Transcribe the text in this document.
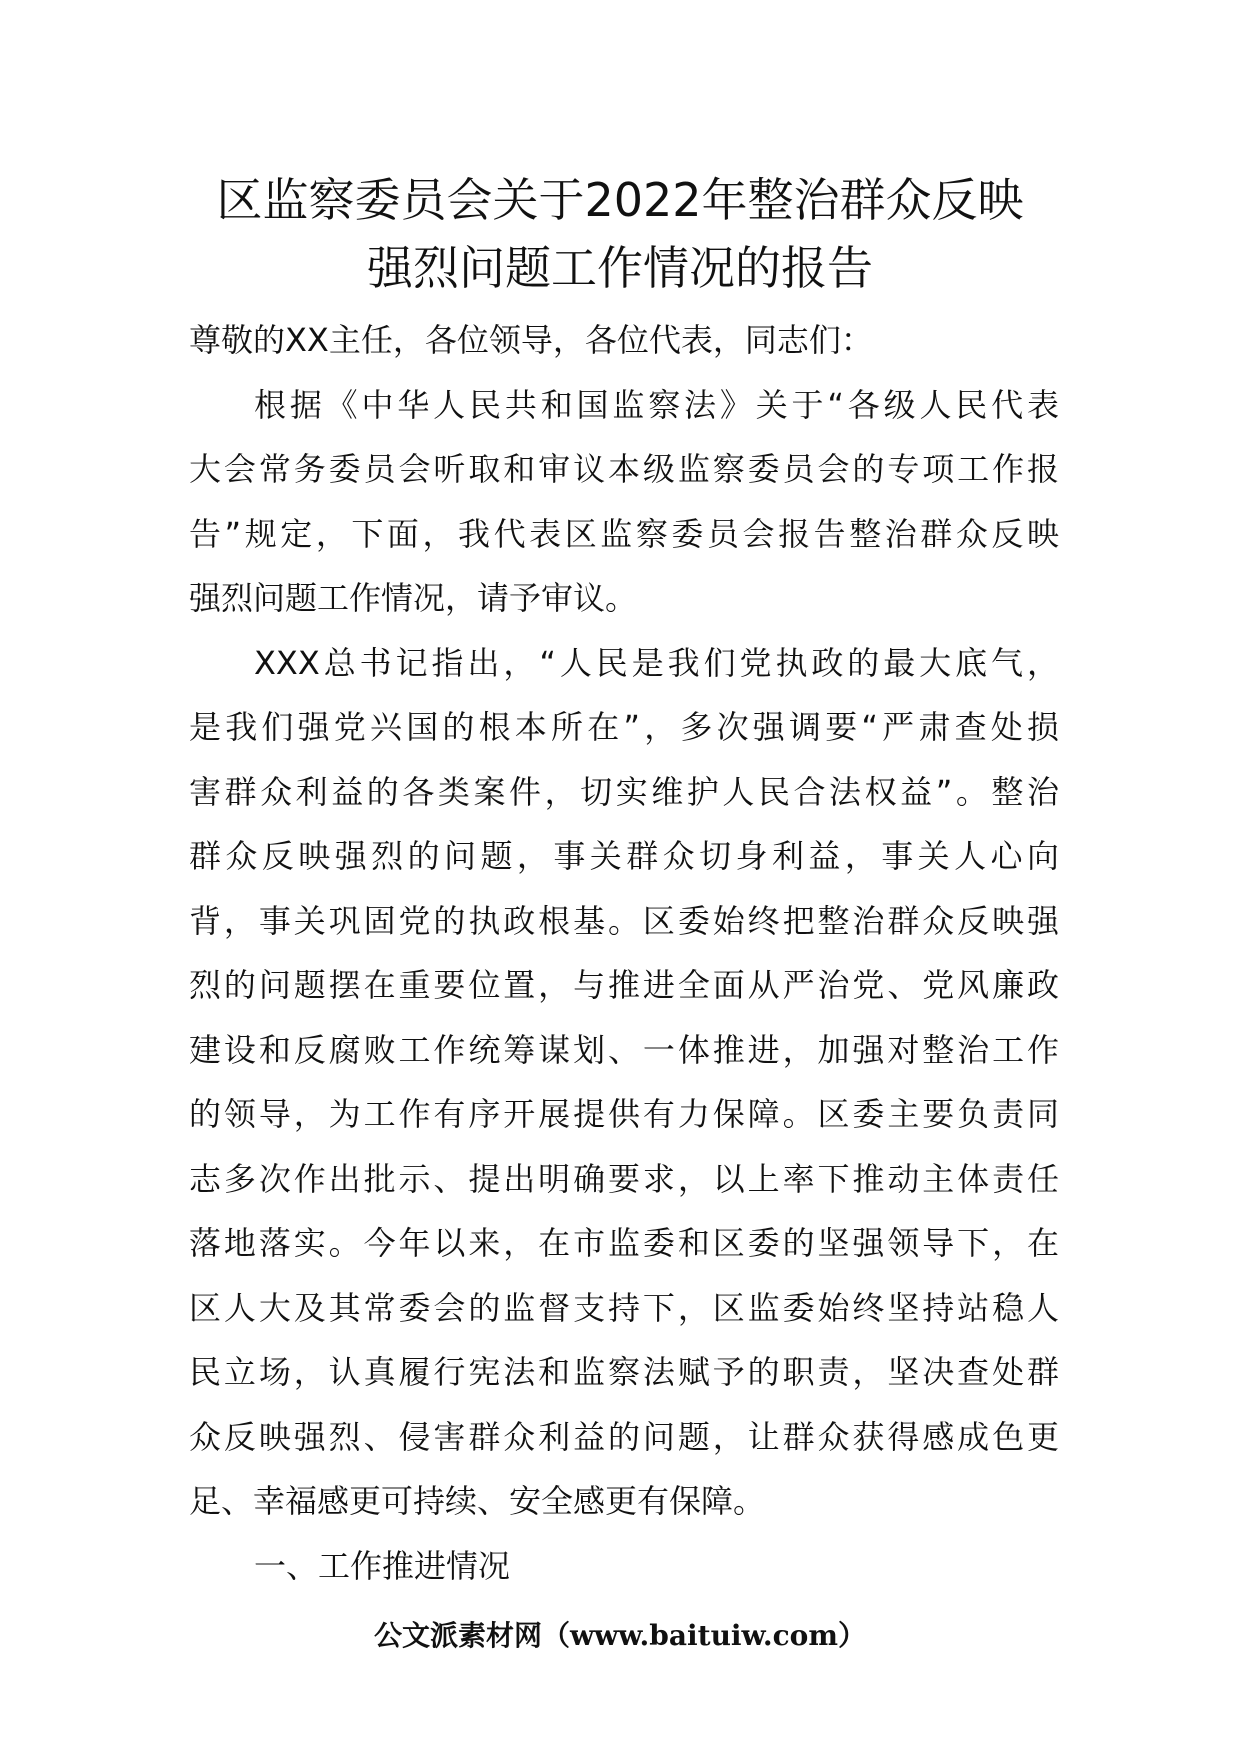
区监察委员会关于2022年整治群众反映
强烈问题工作情况的报告
尊敬的XX主任，各位领导，各位代表，同志们：
根据《中华人民共和国监察法》关于“各级人民代表
大会常务委员会听取和审议本级监察委员会的专项工作报
告”规定，下面，我代表区监察委员会报告整治群众反映
强烈问题工作情况，请予审议。
XXX总书记指出，“人民是我们党执政的最大底气，
是我们强党兴国的根本所在”，多次强调要“严肃查处损
害群众利益的各类案件，切实维护人民合法权益”。整治
群众反映强烈的问题，事关群众切身利益，事关人心向
背，事关巩固党的执政根基。区委始终把整治群众反映强
烈的问题摆在重要位置，与推进全面从严治党、党风廉政
建设和反腐败工作统筹谋划、一体推进，加强对整治工作
的领导，为工作有序开展提供有力保障。区委主要负责同
志多次作出批示、提出明确要求，以上率下推动主体责任
落地落实。今年以来，在市监委和区委的坚强领导下，在
区人大及其常委会的监督支持下，区监委始终坚持站稳人
民立场，认真履行宪法和监察法赋予的职责，坚决查处群
众反映强烈、侵害群众利益的问题，让群众获得感成色更
足、幸福感更可持续、安全感更有保障。
一、工作推进情况
公文派素材网（www.baituiw.com）
